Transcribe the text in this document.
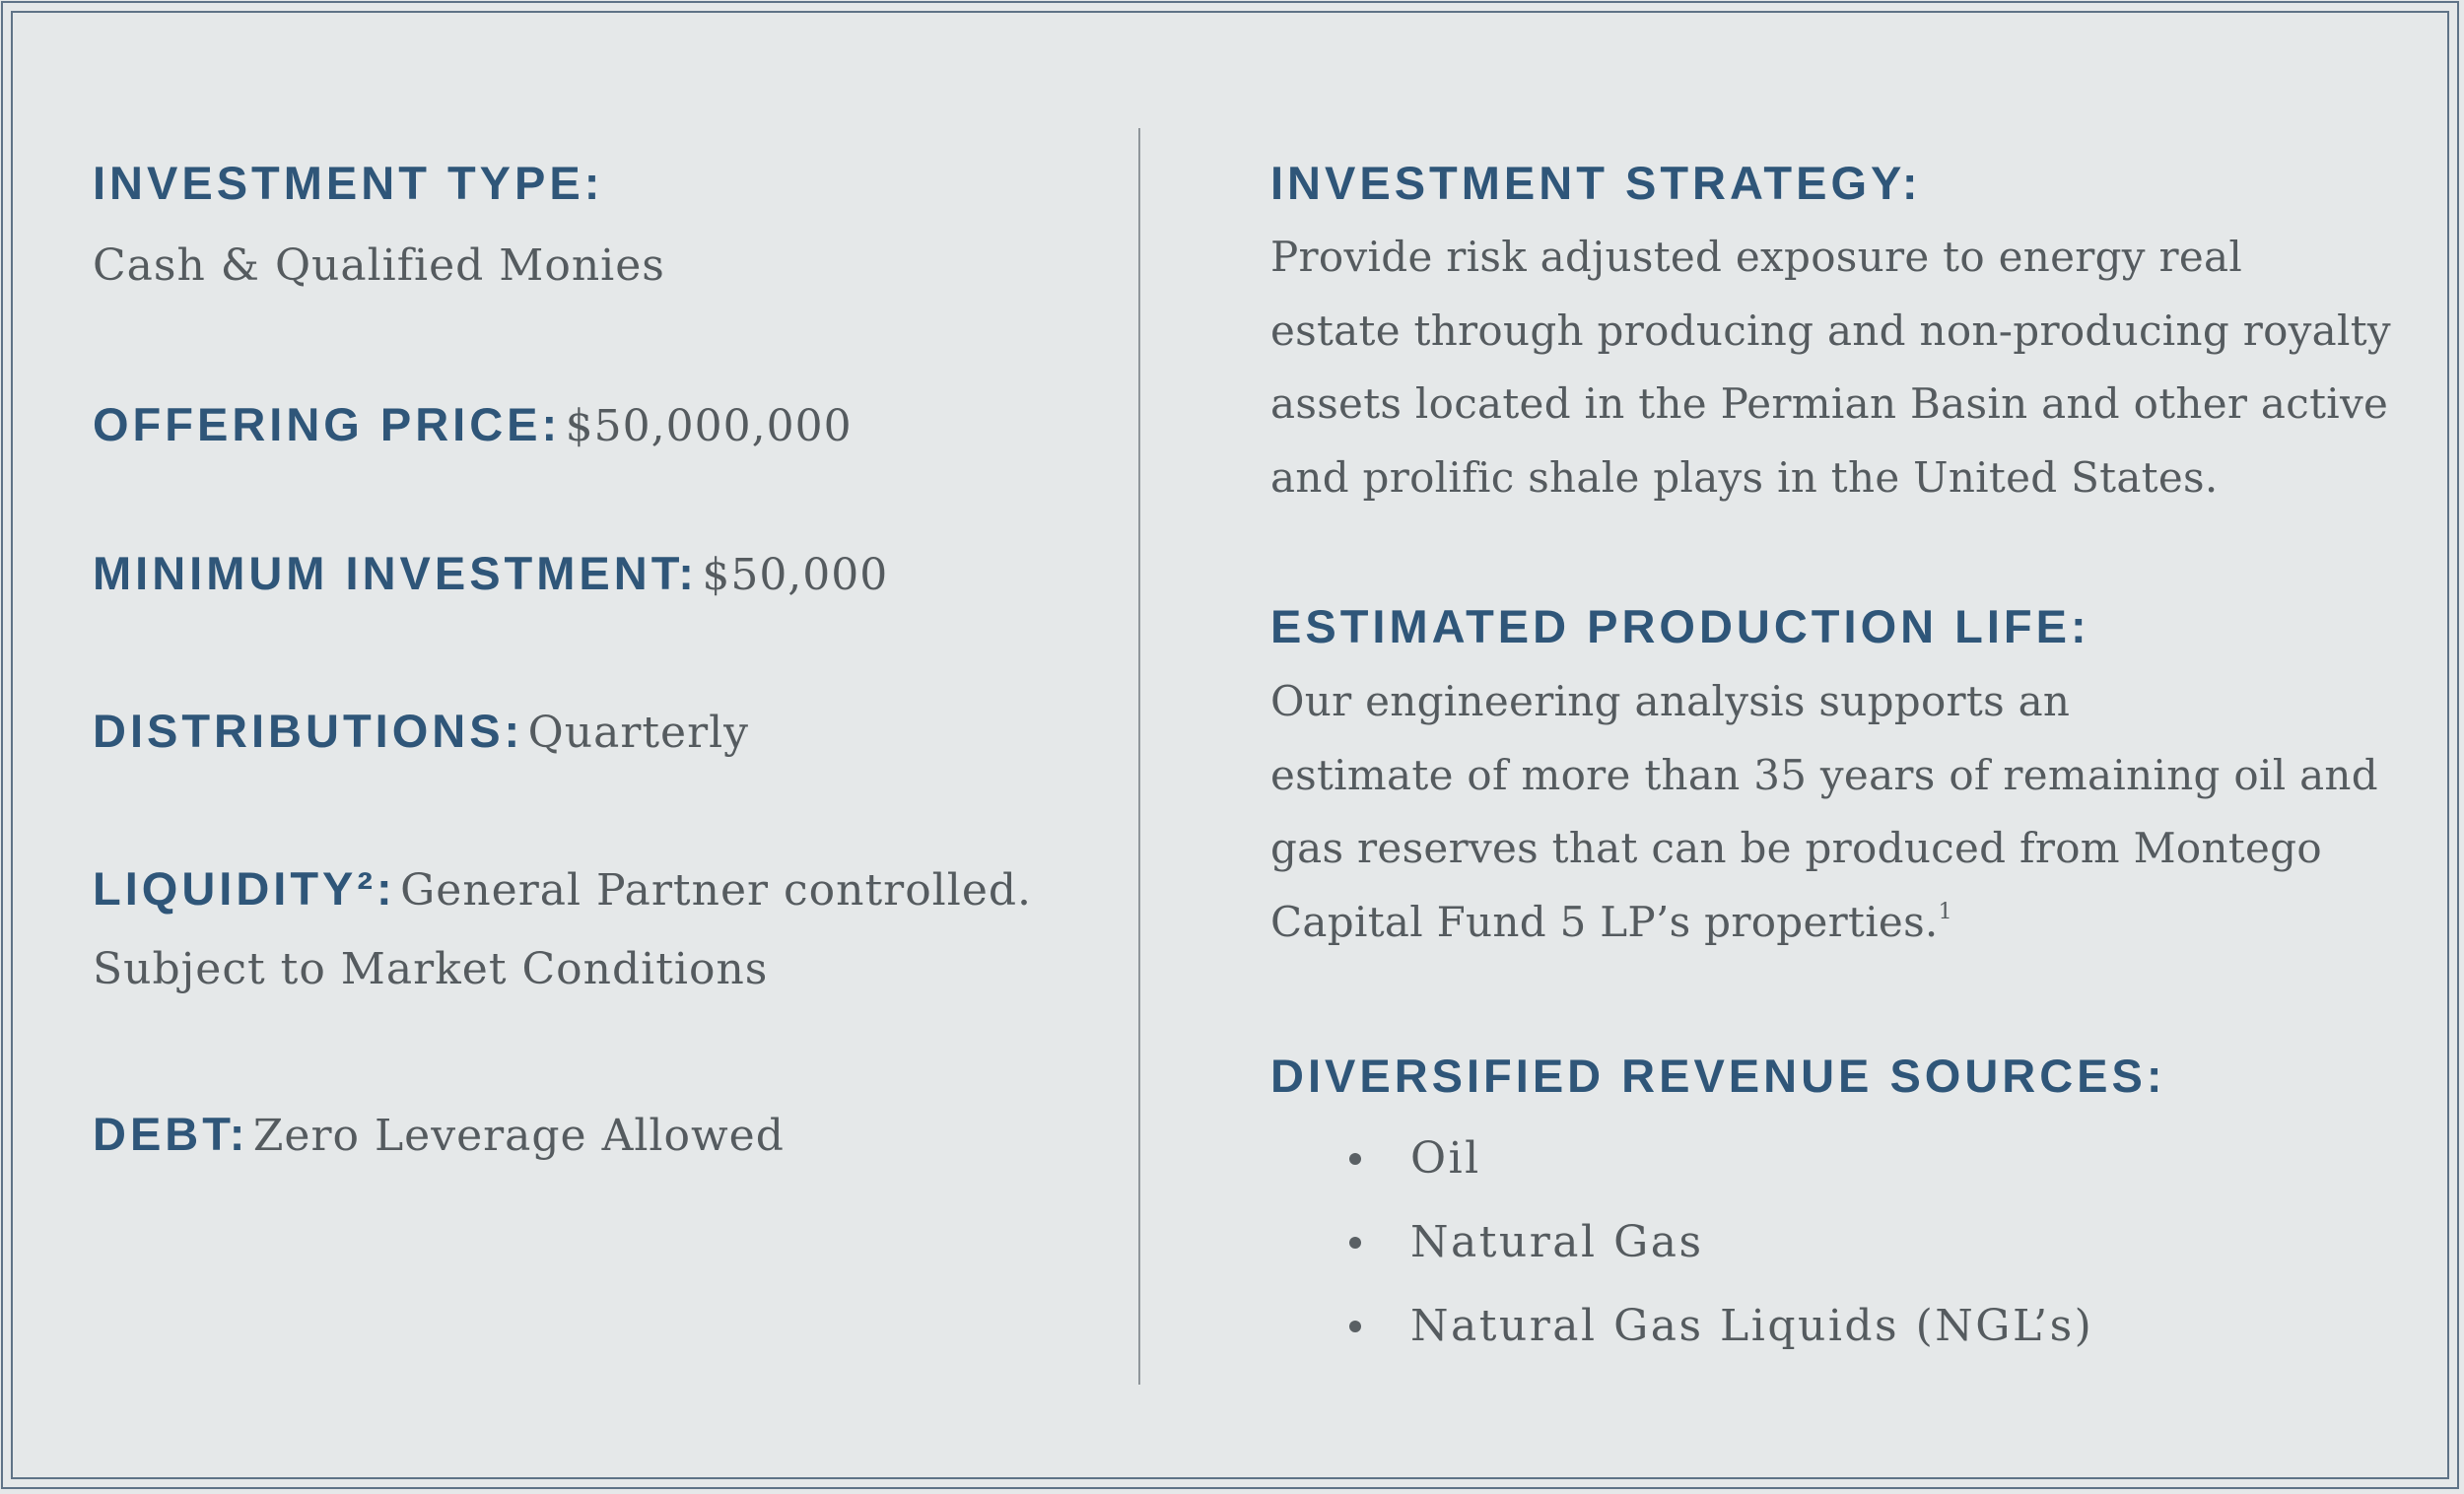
INVESTMENT TYPE:
Cash & Qualified Monies
OFFERING PRICE: $50,000,000
MINIMUM INVESTMENT: $50,000
DISTRIBUTIONS: Quarterly
LIQUIDITY²: General Partner controlled.
Subject to Market Conditions
DEBT: Zero Leverage Allowed
INVESTMENT STRATEGY:
Provide risk adjusted exposure to energy real
estate through producing and non-producing royalty
assets located in the Permian Basin and other active
and prolific shale plays in the United States.
ESTIMATED PRODUCTION LIFE:
Our engineering analysis supports an
estimate of more than 35 years of remaining oil and
gas reserves that can be produced from Montego
Capital Fund 5 LP’s properties.$^1$
DIVERSIFIED REVENUE SOURCES:
Oil
Natural Gas
Natural Gas Liquids (NGL’s)
